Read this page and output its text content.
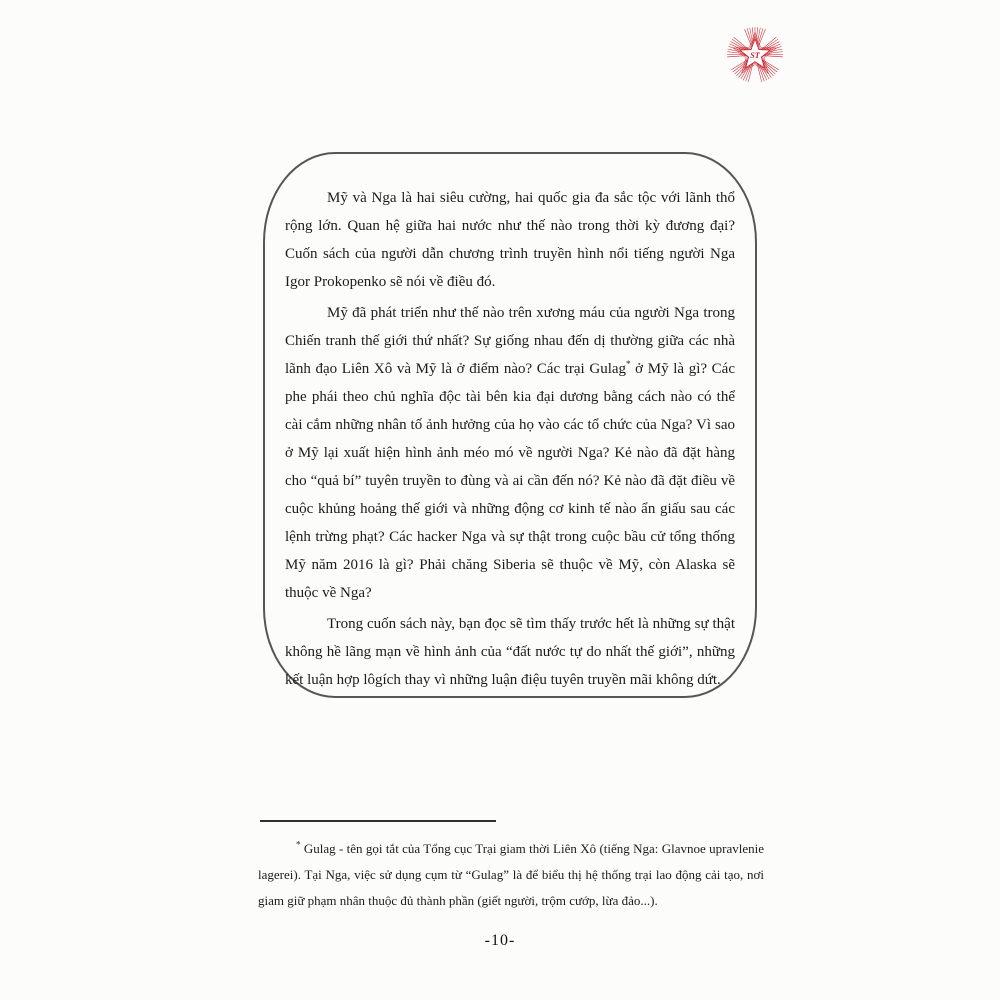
ST

Mỹ và Nga là hai siêu cường, hai quốc gia đa sắc tộc với lãnh thổ rộng lớn. Quan hệ giữa hai nước như thế nào trong thời kỳ đương đại? Cuốn sách của người dẫn chương trình truyền hình nổi tiếng người Nga Igor Prokopenko sẽ nói về điều đó.

Mỹ đã phát triển như thế nào trên xương máu của người Nga trong Chiến tranh thế giới thứ nhất? Sự giống nhau đến dị thường giữa các nhà lãnh đạo Liên Xô và Mỹ là ở điểm nào? Các trại Gulag* ở Mỹ là gì? Các phe phái theo chủ nghĩa độc tài bên kia đại dương bằng cách nào có thể cài cắm những nhân tố ảnh hưởng của họ vào các tổ chức của Nga? Vì sao ở Mỹ lại xuất hiện hình ảnh méo mó về người Nga? Kẻ nào đã đặt hàng cho “quả bí” tuyên truyền to đùng và ai cần đến nó? Kẻ nào đã đặt điều về cuộc khủng hoảng thế giới và những động cơ kinh tế nào ẩn giấu sau các lệnh trừng phạt? Các hacker Nga và sự thật trong cuộc bầu cử tổng thống Mỹ năm 2016 là gì? Phải chăng Siberia sẽ thuộc về Mỹ, còn Alaska sẽ thuộc về Nga?

Trong cuốn sách này, bạn đọc sẽ tìm thấy trước hết là những sự thật không hề lãng mạn về hình ảnh của “đất nước tự do nhất thế giới”, những kết luận hợp lôgích thay vì những luận điệu tuyên truyền mãi không dứt.

* Gulag - tên gọi tắt của Tổng cục Trại giam thời Liên Xô (tiếng Nga: Glavnoe upravlenie lagerei). Tại Nga, việc sử dụng cụm từ “Gulag” là để biểu thị hệ thống trại lao động cải tạo, nơi giam giữ phạm nhân thuộc đủ thành phần (giết người, trộm cướp, lừa đảo...).
-10-
